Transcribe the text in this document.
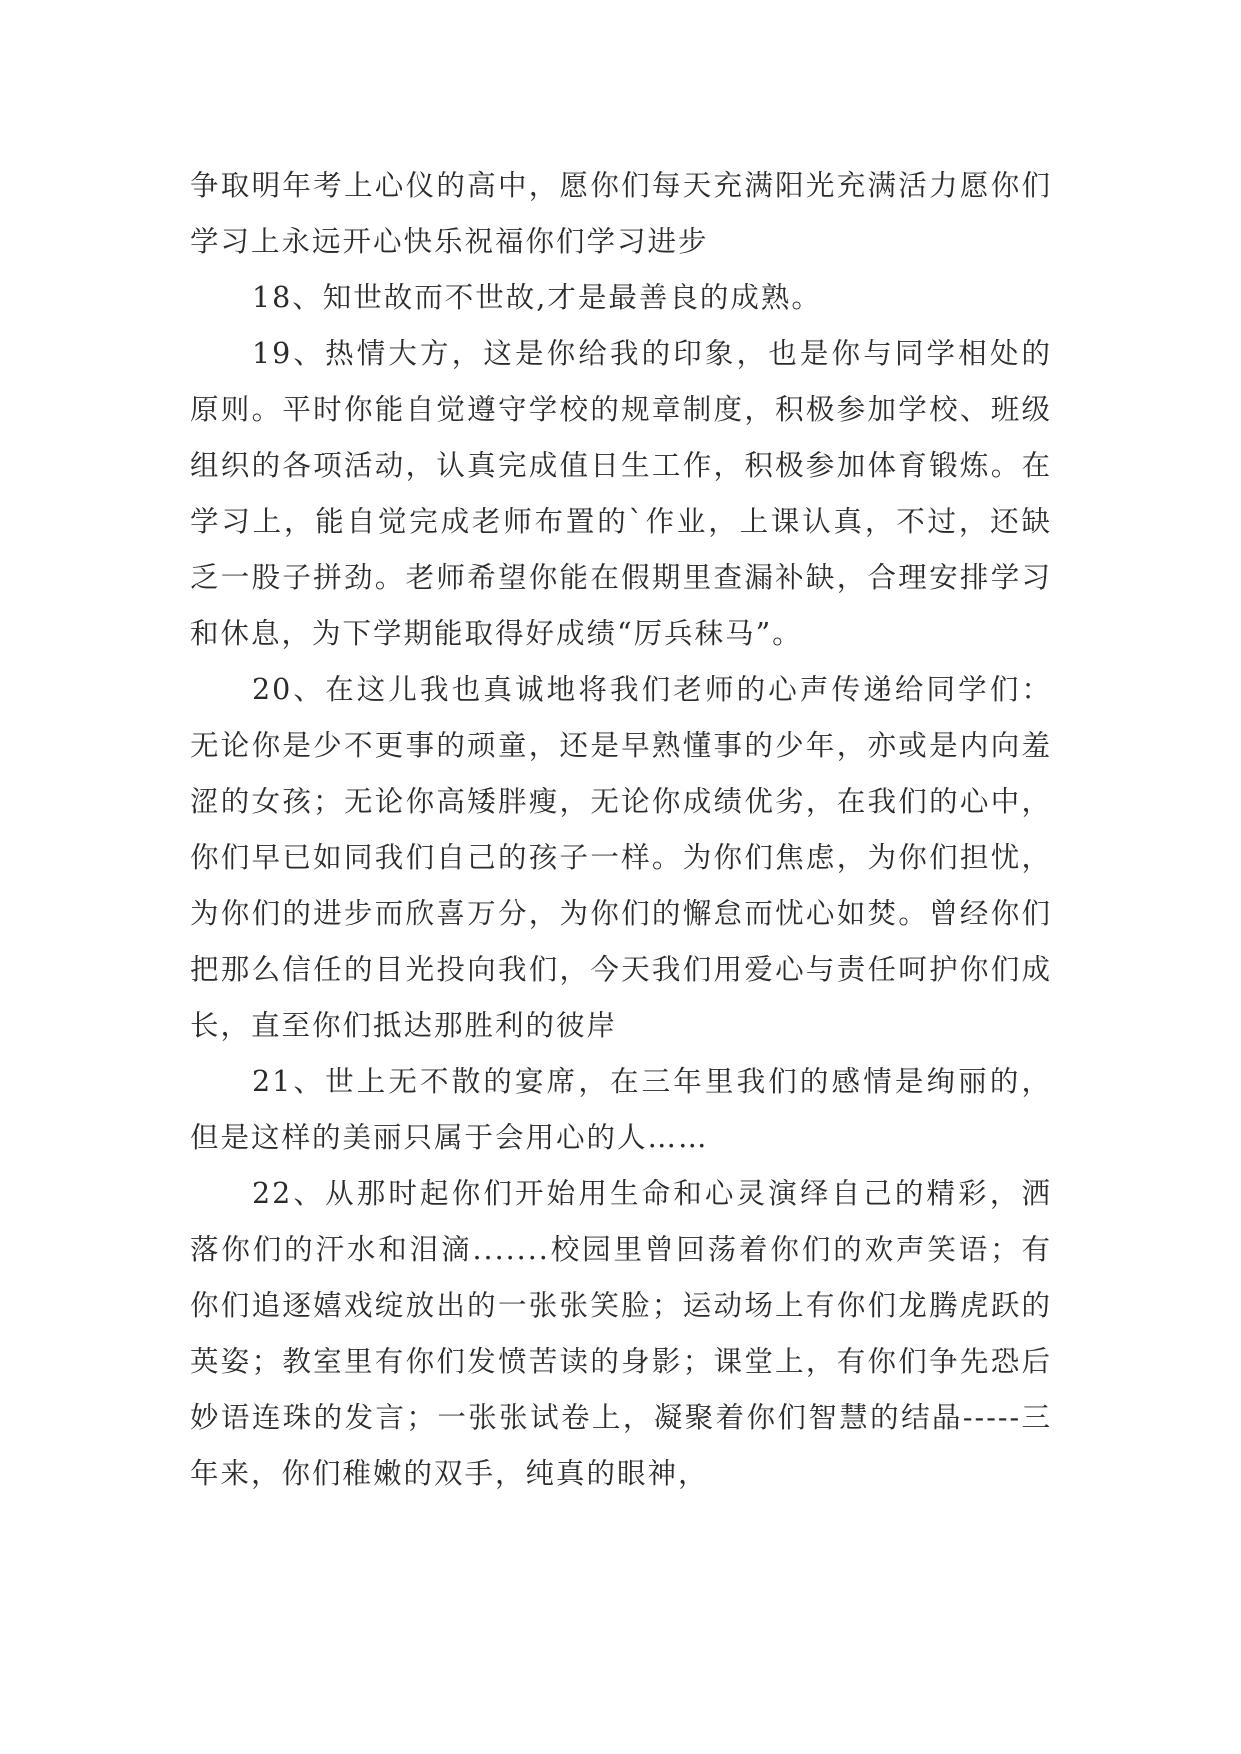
争取明年考上心仪的高中，愿你们每天充满阳光充满活力愿你们学习上永远开心快乐祝福你们学习进步

18、知世故而不世故,才是最善良的成熟。

19、热情大方，这是你给我的印象，也是你与同学相处的原则。平时你能自觉遵守学校的规章制度，积极参加学校、班级组织的各项活动，认真完成值日生工作，积极参加体育锻炼。在学习上，能自觉完成老师布置的`作业，上课认真，不过，还缺乏一股子拼劲。老师希望你能在假期里查漏补缺，合理安排学习和休息，为下学期能取得好成绩“厉兵秣马”。

20、在这儿我也真诚地将我们老师的心声传递给同学们：无论你是少不更事的顽童，还是早熟懂事的少年，亦或是内向羞涩的女孩；无论你高矮胖瘦，无论你成绩优劣，在我们的心中，你们早已如同我们自己的孩子一样。为你们焦虑，为你们担忧，为你们的进步而欣喜万分，为你们的懈怠而忧心如焚。曾经你们把那么信任的目光投向我们，今天我们用爱心与责任呵护你们成长，直至你们抵达那胜利的彼岸

21、世上无不散的宴席，在三年里我们的感情是绚丽的，但是这样的美丽只属于会用心的人……

22、从那时起你们开始用生命和心灵演绎自己的精彩，洒落你们的汗水和泪滴.......校园里曾回荡着你们的欢声笑语；有你们追逐嬉戏绽放出的一张张笑脸；运动场上有你们龙腾虎跃的英姿；教室里有你们发愤苦读的身影；课堂上，有你们争先恐后妙语连珠的发言；一张张试卷上，凝聚着你们智慧的结晶-----三年来，你们稚嫩的双手，纯真的眼神，
